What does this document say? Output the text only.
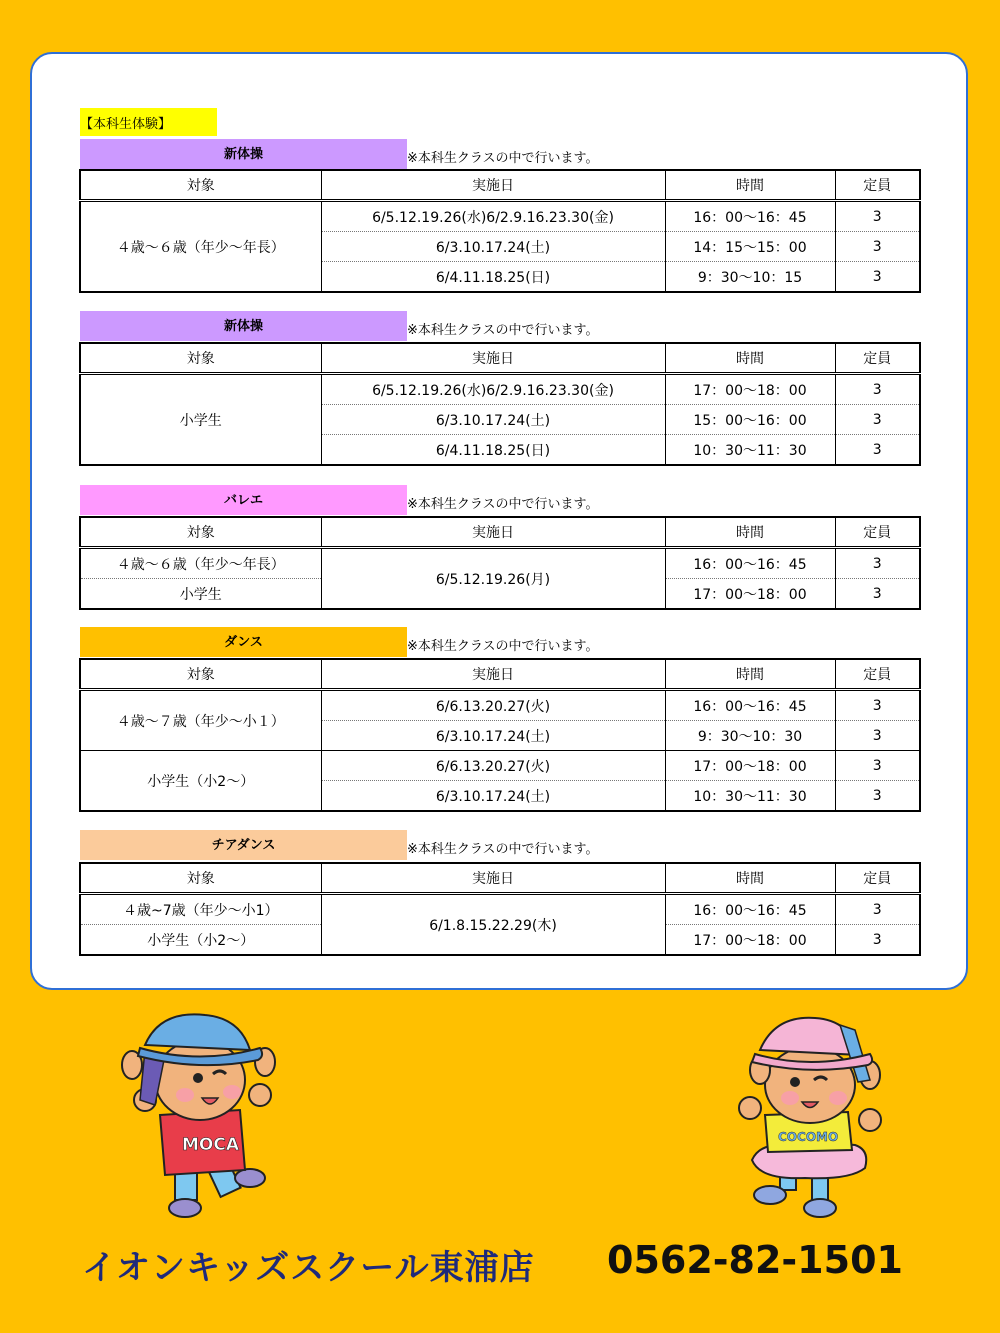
【本科生体験】
新体操	※本科生クラスの中で行います。
対象	実施日	時間	定員
４歳～６歳（年少～年長）	6/5.12.19.26(水)6/2.9.16.23.30(金)	16：00～16：45	3
	6/3.10.17.24(土)	14：15～15：00	3
	6/4.11.18.25(日)	9：30～10：15	3
新体操	※本科生クラスの中で行います。
対象	実施日	時間	定員
小学生	6/5.12.19.26(水)6/2.9.16.23.30(金)	17：00～18：00	3
	6/3.10.17.24(土)	15：00～16：00	3
	6/4.11.18.25(日)	10：30～11：30	3
バレエ	※本科生クラスの中で行います。
対象	実施日	時間	定員
４歳～６歳（年少～年長）	6/5.12.19.26(月)	16：00～16：45	3
小学生		17：00～18：00	3
ダンス	※本科生クラスの中で行います。
対象	実施日	時間	定員
４歳～７歳（年少～小１）	6/6.13.20.27(火)	16：00～16：45	3
	6/3.10.17.24(土)	9：30～10：30	3
小学生（小2～）	6/6.13.20.27(火)	17：00～18：00	3
	6/3.10.17.24(土)	10：30～11：30	3
チアダンス	※本科生クラスの中で行います。
対象	実施日	時間	定員
４歳~7歳（年少～小1）	6/1.8.15.22.29(木)	16：00～16：45	3
小学生（小2～）		17：00～18：00	3
MOCA	COCOMO
イオンキッズスクール東浦店 0562-82-1501
